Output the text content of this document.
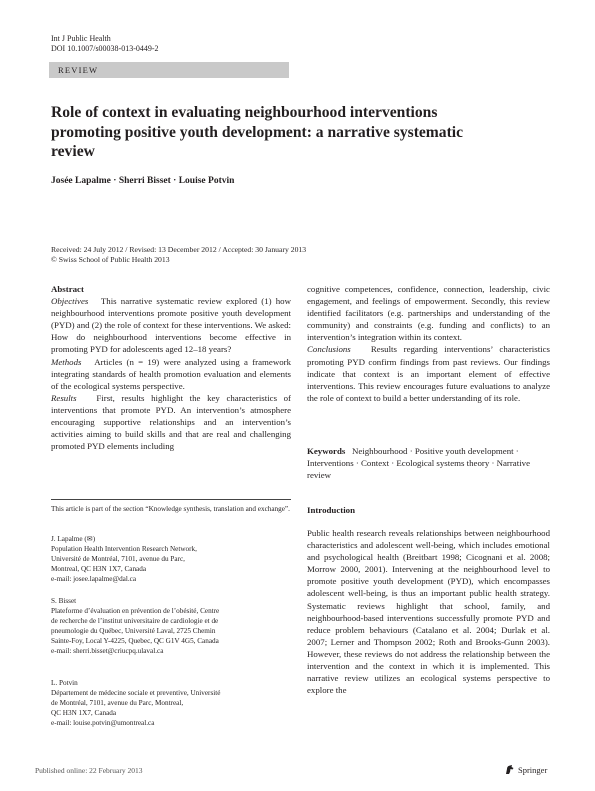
Int J Public Health
DOI 10.1007/s00038-013-0449-2
REVIEW
Role of context in evaluating neighbourhood interventions
promoting positive youth development: a narrative systematic
review
Josée Lapalme · Sherri Bisset · Louise Potvin
Received: 24 July 2012 / Revised: 13 December 2012 / Accepted: 30 January 2013
© Swiss School of Public Health 2013

Abstract

Objectives This narrative systematic review explored (1) how neighbourhood interventions promote positive youth development (PYD) and (2) the role of context for these interventions. We asked: How do neighbourhood interventions become effective in promoting PYD for adolescents aged 12–18 years?

Methods Articles (n = 19) were analyzed using a framework integrating standards of health promotion evaluation and elements of the ecological systems perspective.

Results First, results highlight the key characteristics of interventions that promote PYD. An intervention’s atmosphere encouraging supportive relationships and an intervention’s activities aiming to build skills and that are real and challenging promoted PYD elements including

cognitive competences, confidence, connection, leadership, civic engagement, and feelings of empowerment. Secondly, this review identified facilitators (e.g. partnerships and understanding of the community) and constraints (e.g. funding and conflicts) to an intervention’s integration within its context.

Conclusions Results regarding interventions’ characteristics promoting PYD confirm findings from past reviews. Our findings indicate that context is an important element of effective interventions. This review encourages future evaluations to analyze the role of context to build a better understanding of its role.

Keywords Neighbourhood · Positive youth development · Interventions · Context · Ecological systems theory · Narrative review
This article is part of the section “Knowledge synthesis, translation and exchange”.

J. Lapalme (✉)

Population Health Intervention Research Network,

Université de Montréal, 7101, avenue du Parc,

Montreal, QC H3N 1X7, Canada

e-mail: josee.lapalme@dal.ca

S. Bisset

Plateforme d’évaluation en prévention de l’obésité, Centre

de recherche de l’institut universitaire de cardiologie et de

pneumologie du Québec, Université Laval, 2725 Chemin

Sainte-Foy, Local Y-4225, Quebec, QC G1V 4G5, Canada

e-mail: sherri.bisset@criucpq.ulaval.ca

L. Potvin

Département de médecine sociale et preventive, Université

de Montréal, 7101, avenue du Parc, Montreal,

QC H3N 1X7, Canada

e-mail: louise.potvin@umontreal.ca

Introduction
Public health research reveals relationships between neighbourhood characteristics and adolescent well-being, which includes emotional and psychological health (Breitbart 1998; Cicognani et al. 2008; Morrow 2000, 2001). Intervening at the neighbourhood level to promote positive youth development (PYD), which encompasses adolescent well-being, is thus an important public health strategy. Systematic reviews highlight that school, family, and neighbourhood-based interventions successfully promote PYD and reduce problem behaviours (Catalano et al. 2004; Durlak et al. 2007; Lerner and Thompson 2002; Roth and Brooks-Gunn 2003). However, these reviews do not address the relationship between the intervention and the context in which it is implemented. This narrative review utilizes an ecological systems perspective to explore the
Published online: 22 February 2013	Springer
